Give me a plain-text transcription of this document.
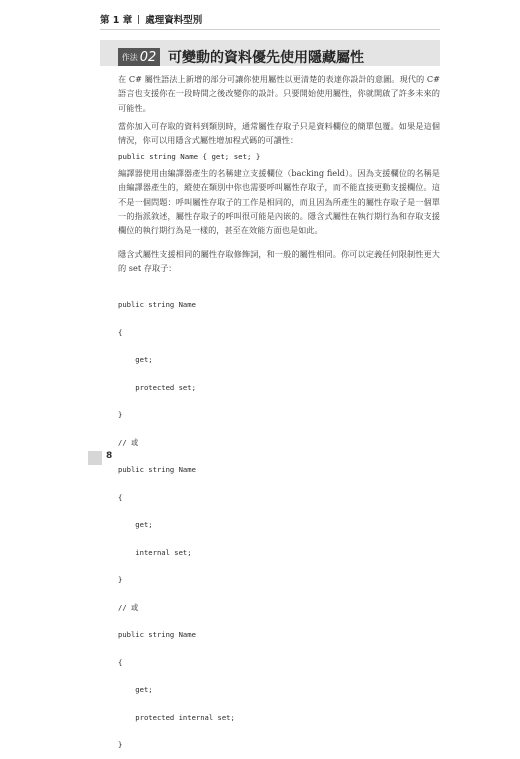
第 1 章 處理資料型別
作法 02 可變動的資料優先使用隱藏屬性

在 C# 屬性語法上新增的部分可讓你使用屬性以更清楚的表達你設計的意圖。現代的 C# 語言也支援你在一段時間之後改變你的設計。只要開始使用屬性，你就開啟了許多未來的可能性。

當你加入可存取的資料到類別時，通常屬性存取子只是資料欄位的簡單包覆。如果是這個情況，你可以用隱含式屬性增加程式碼的可讀性：

public string Name { get; set; }

編譯器使用由編譯器產生的名稱建立支援欄位（backing field）。因為支援欄位的名稱是由編譯器產生的，縱使在類別中你也需要呼叫屬性存取子，而不能直接更動支援欄位。這不是一個問題：呼叫屬性存取子的工作是相同的，而且因為所產生的屬性存取子是一個單一的指派敘述，屬性存取子的呼叫很可能是內嵌的。隱含式屬性在執行期行為和存取支援欄位的執行期行為是一樣的，甚至在效能方面也是如此。

隱含式屬性支援相同的屬性存取修飾詞，和一般的屬性相同。你可以定義任何限制性更大的 set 存取子：

public string Name

{

get;

protected set;

}

// 或

public string Name

{

get;

internal set;

}

// 或

public string Name

{

get;

protected internal set;

}

8
